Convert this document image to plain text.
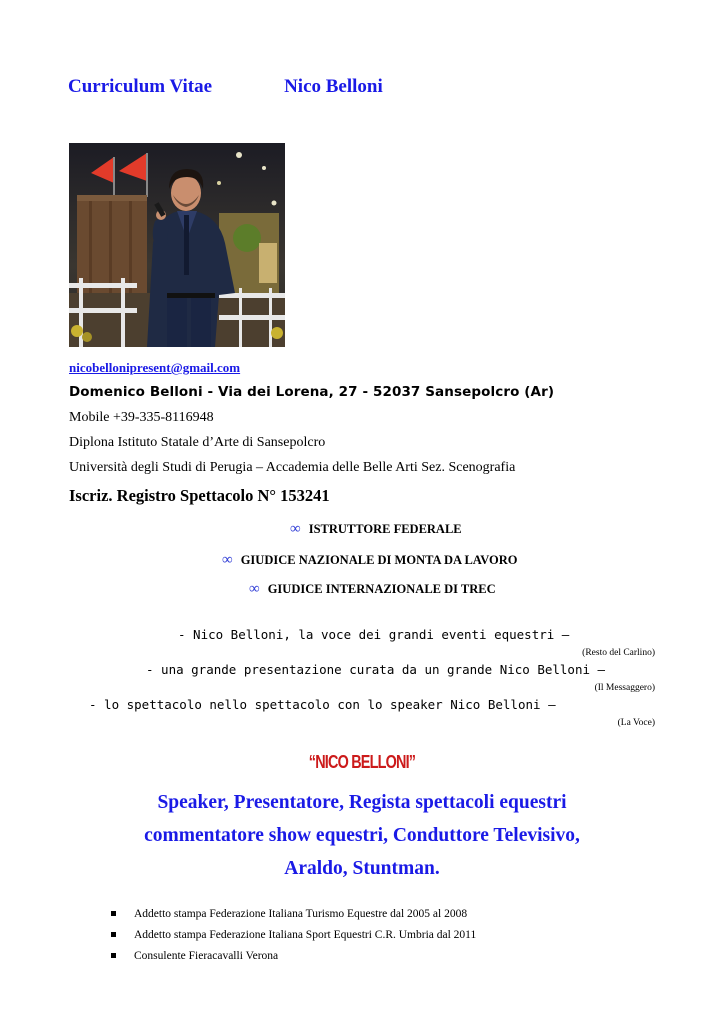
Curriculum Vitae	Nico Belloni
nicobellonipresent@gmail.com
Domenico Belloni - Via dei Lorena, 27 - 52037 Sansepolcro (Ar)
Mobile +39-335-8116948
Diplona Istituto Statale d’Arte di Sansepolcro
Università degli Studi di Perugia – Accademia delle Belle Arti Sez. Scenografia
Iscriz. Registro Spettacolo N° 153241
∞ ISTRUTTORE FEDERALE
∞ GIUDICE NAZIONALE DI MONTA DA LAVORO
∞ GIUDICE INTERNAZIONALE DI TREC
- Nico Belloni, la voce dei grandi eventi equestri –
(Resto del Carlino)
- una grande presentazione curata da un grande Nico Belloni –
(Il Messaggero)
- lo spettacolo nello spettacolo con lo speaker Nico Belloni –
(La Voce)
“NICO BELLONI”
Speaker, Presentatore, Regista spettacoli equestri
commentatore show equestri, Conduttore Televisivo,
Araldo, Stuntman.
Addetto stampa Federazione Italiana Turismo Equestre dal 2005 al 2008
Addetto stampa Federazione Italiana Sport Equestri C.R. Umbria dal 2011
Consulente Fieracavalli Verona
